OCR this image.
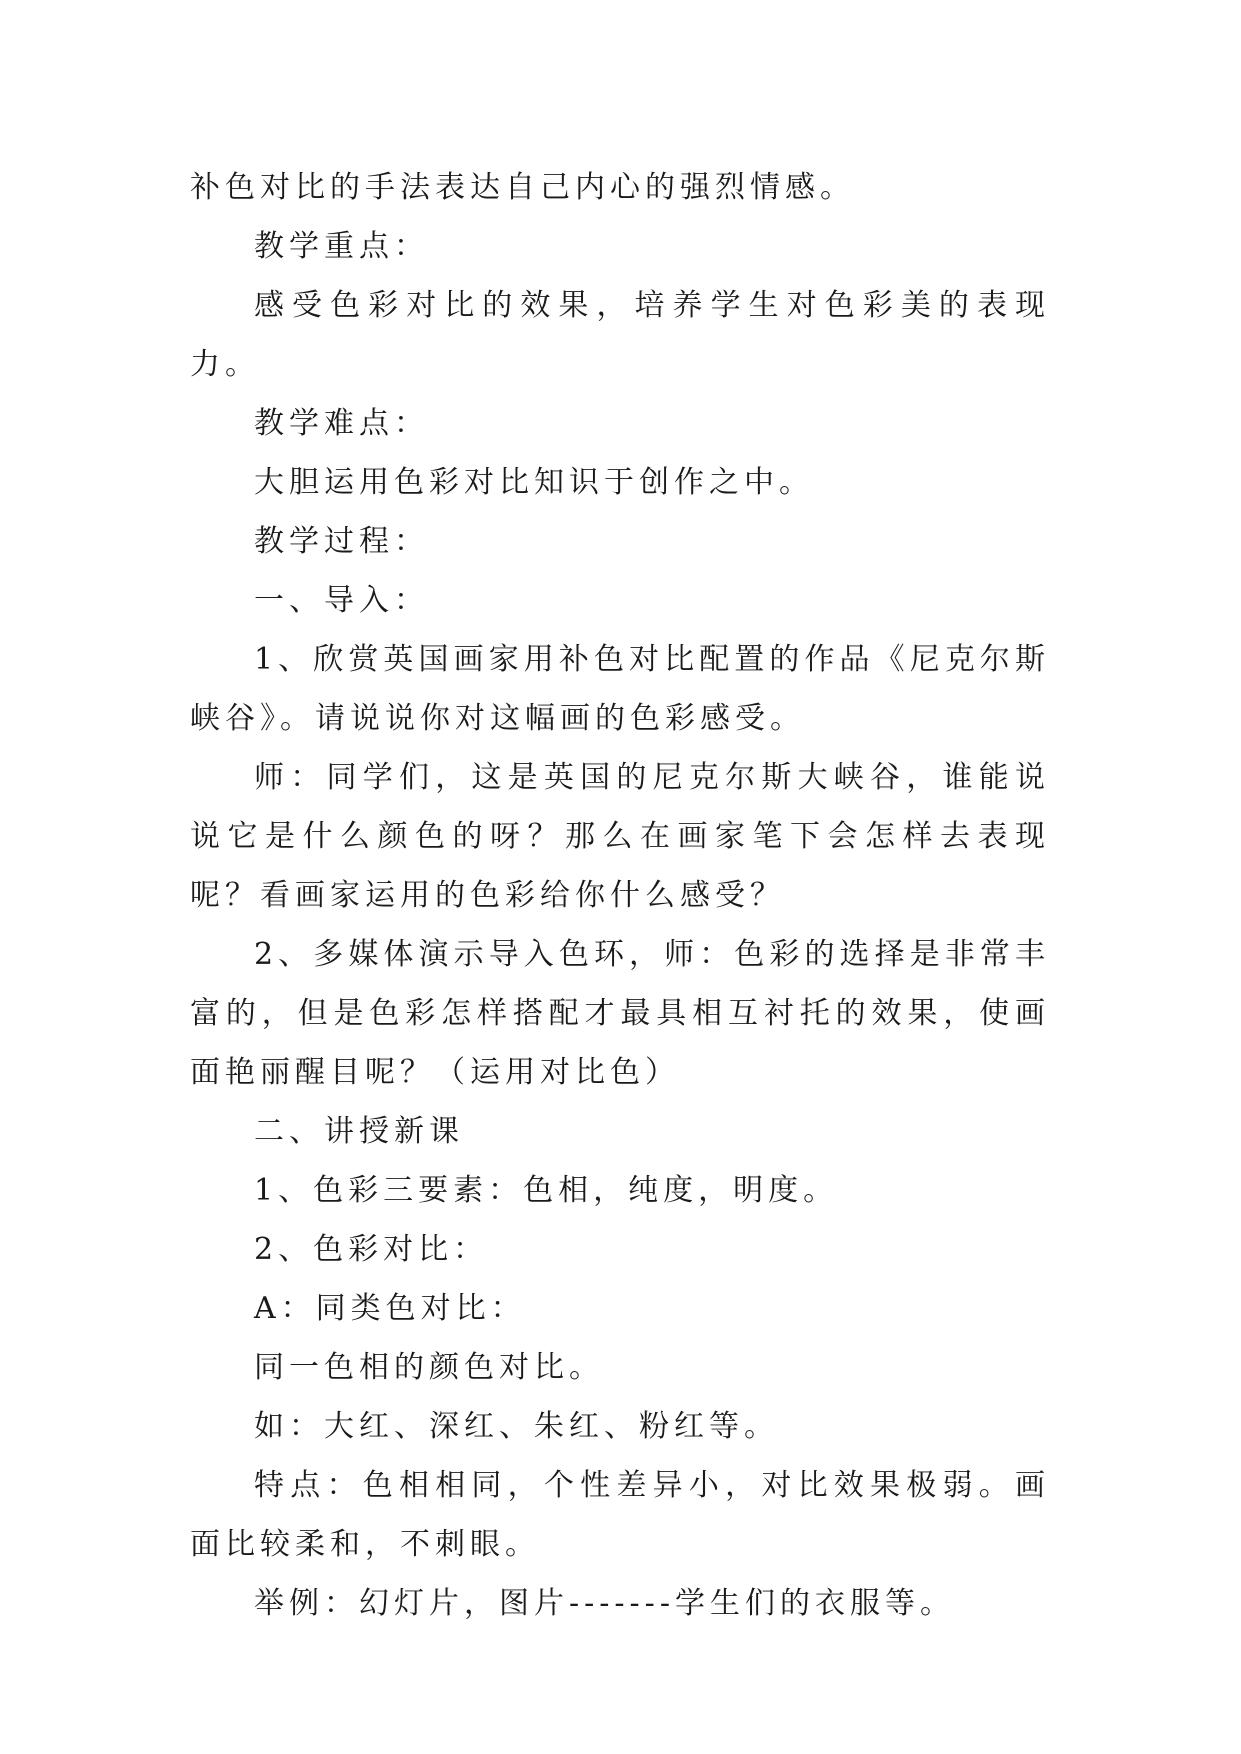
补色对比的手法表达自己内心的强烈情感。

教学重点：

感受色彩对比的效果，培养学生对色彩美的表现力。

教学难点：

大胆运用色彩对比知识于创作之中。

教学过程：

一、导入：

1、欣赏英国画家用补色对比配置的作品《尼克尔斯峡谷》。请说说你对这幅画的色彩感受。

师：同学们，这是英国的尼克尔斯大峡谷，谁能说说它是什么颜色的呀？那么在画家笔下会怎样去表现呢？看画家运用的色彩给你什么感受？

2、多媒体演示导入色环，师：色彩的选择是非常丰富的，但是色彩怎样搭配才最具相互衬托的效果，使画面艳丽醒目呢？（运用对比色）

二、讲授新课

1、色彩三要素：色相，纯度，明度。

2、色彩对比：

A：同类色对比：

同一色相的颜色对比。

如：大红、深红、朱红、粉红等。

特点：色相相同，个性差异小，对比效果极弱。画面比较柔和，不刺眼。

举例：幻灯片，图片-------学生们的衣服等。
